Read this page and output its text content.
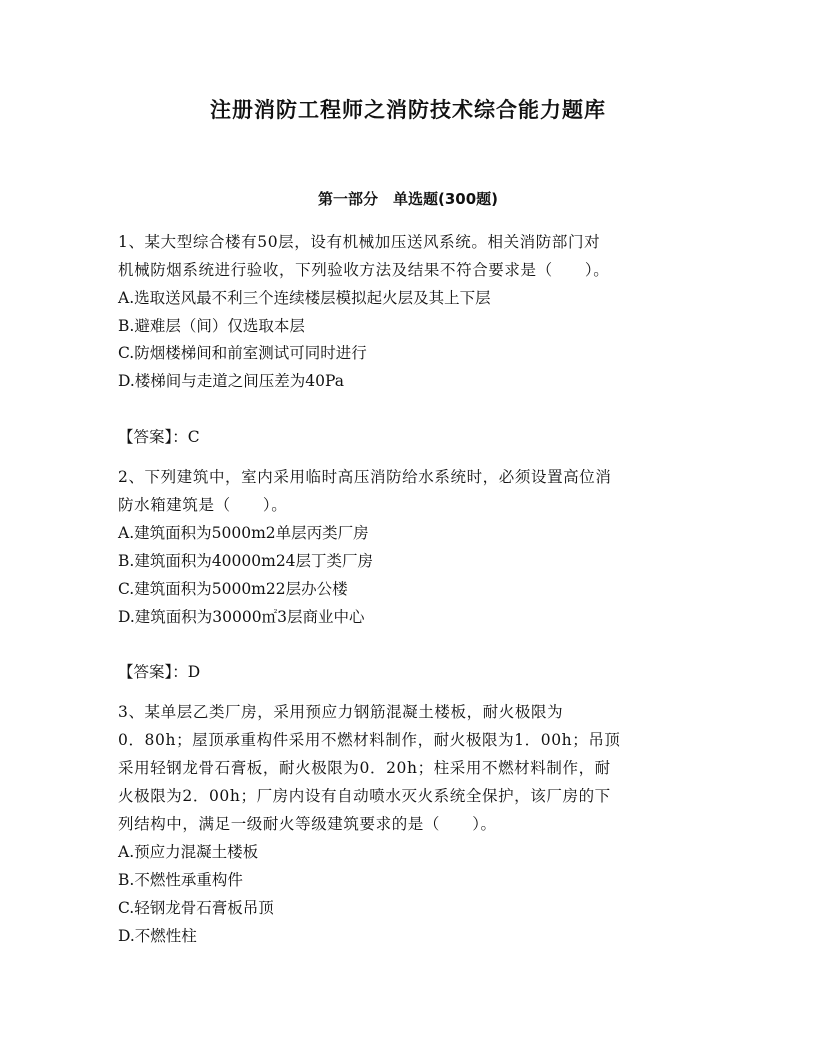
注册消防工程师之消防技术综合能力题库
第一部分　单选题(300题)
1、某大型综合楼有50层，设有机械加压送风系统。相关消防部门对
机械防烟系统进行验收，下列验收方法及结果不符合要求是（　　）。
A.选取送风最不利三个连续楼层模拟起火层及其上下层
B.避难层（间）仅选取本层
C.防烟楼梯间和前室测试可同时进行
D.楼梯间与走道之间压差为40Pa
【答案】：C
2、下列建筑中，室内采用临时高压消防给水系统时，必须设置高位消
防水箱建筑是（　　）。
A.建筑面积为5000m2单层丙类厂房
B.建筑面积为40000m24层丁类厂房
C.建筑面积为5000m22层办公楼
D.建筑面积为30000㎡3层商业中心
【答案】：D
3、某单层乙类厂房，采用预应力钢筋混凝土楼板，耐火极限为
0．80h；屋顶承重构件采用不燃材料制作，耐火极限为1．00h；吊顶
采用轻钢龙骨石膏板，耐火极限为0．20h；柱采用不燃材料制作，耐
火极限为2．00h；厂房内设有自动喷水灭火系统全保护，该厂房的下
列结构中，满足一级耐火等级建筑要求的是（　　）。
A.预应力混凝土楼板
B.不燃性承重构件
C.轻钢龙骨石膏板吊顶
D.不燃性柱
